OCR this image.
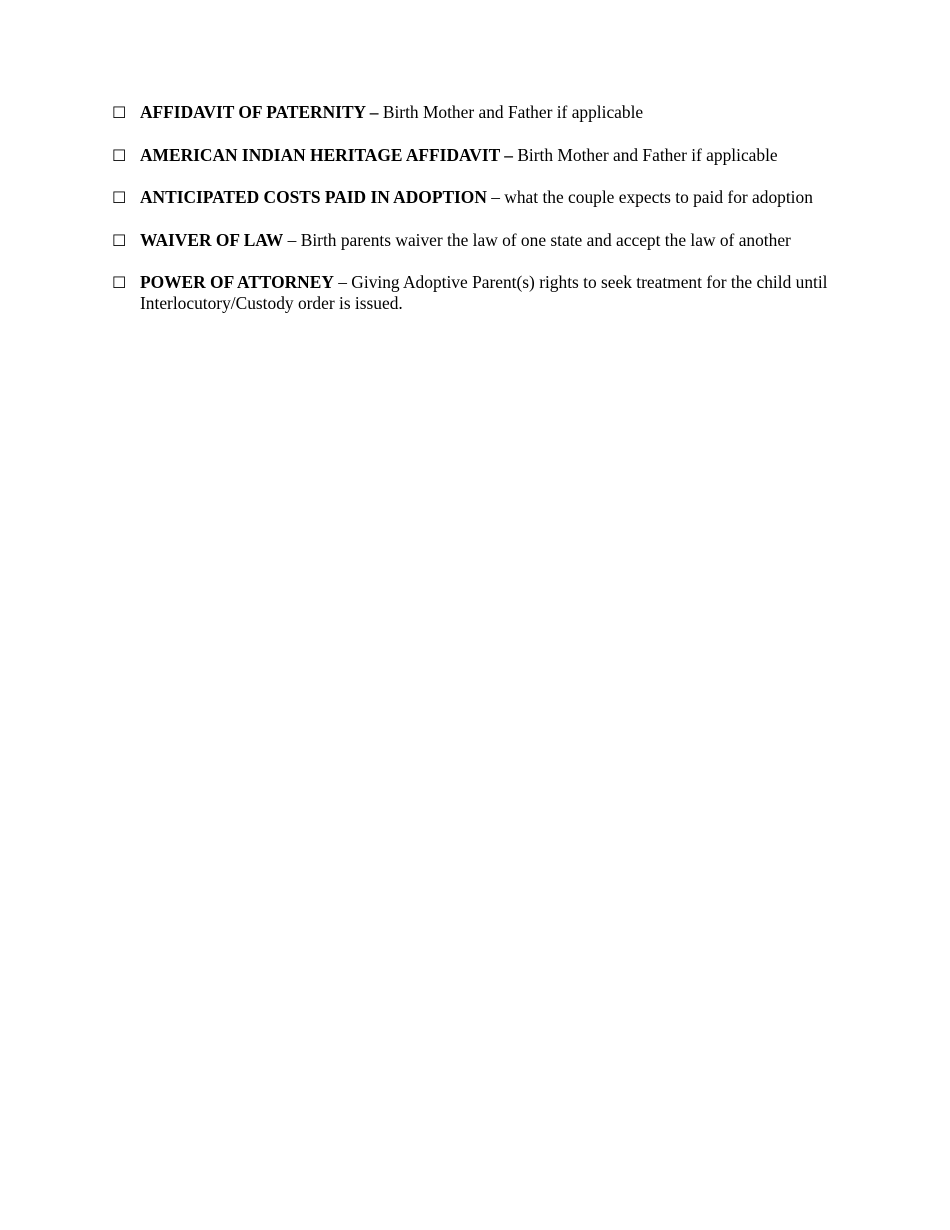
☐ AFFIDAVIT OF PATERNITY – Birth Mother and Father if applicable
☐ AMERICAN INDIAN HERITAGE AFFIDAVIT – Birth Mother and Father if applicable
☐ ANTICIPATED COSTS PAID IN ADOPTION – what the couple expects to paid for adoption
☐ WAIVER OF LAW – Birth parents waiver the law of one state and accept the law of another
☐ POWER OF ATTORNEY – Giving Adoptive Parent(s) rights to seek treatment for the child until Interlocutory/Custody order is issued.
